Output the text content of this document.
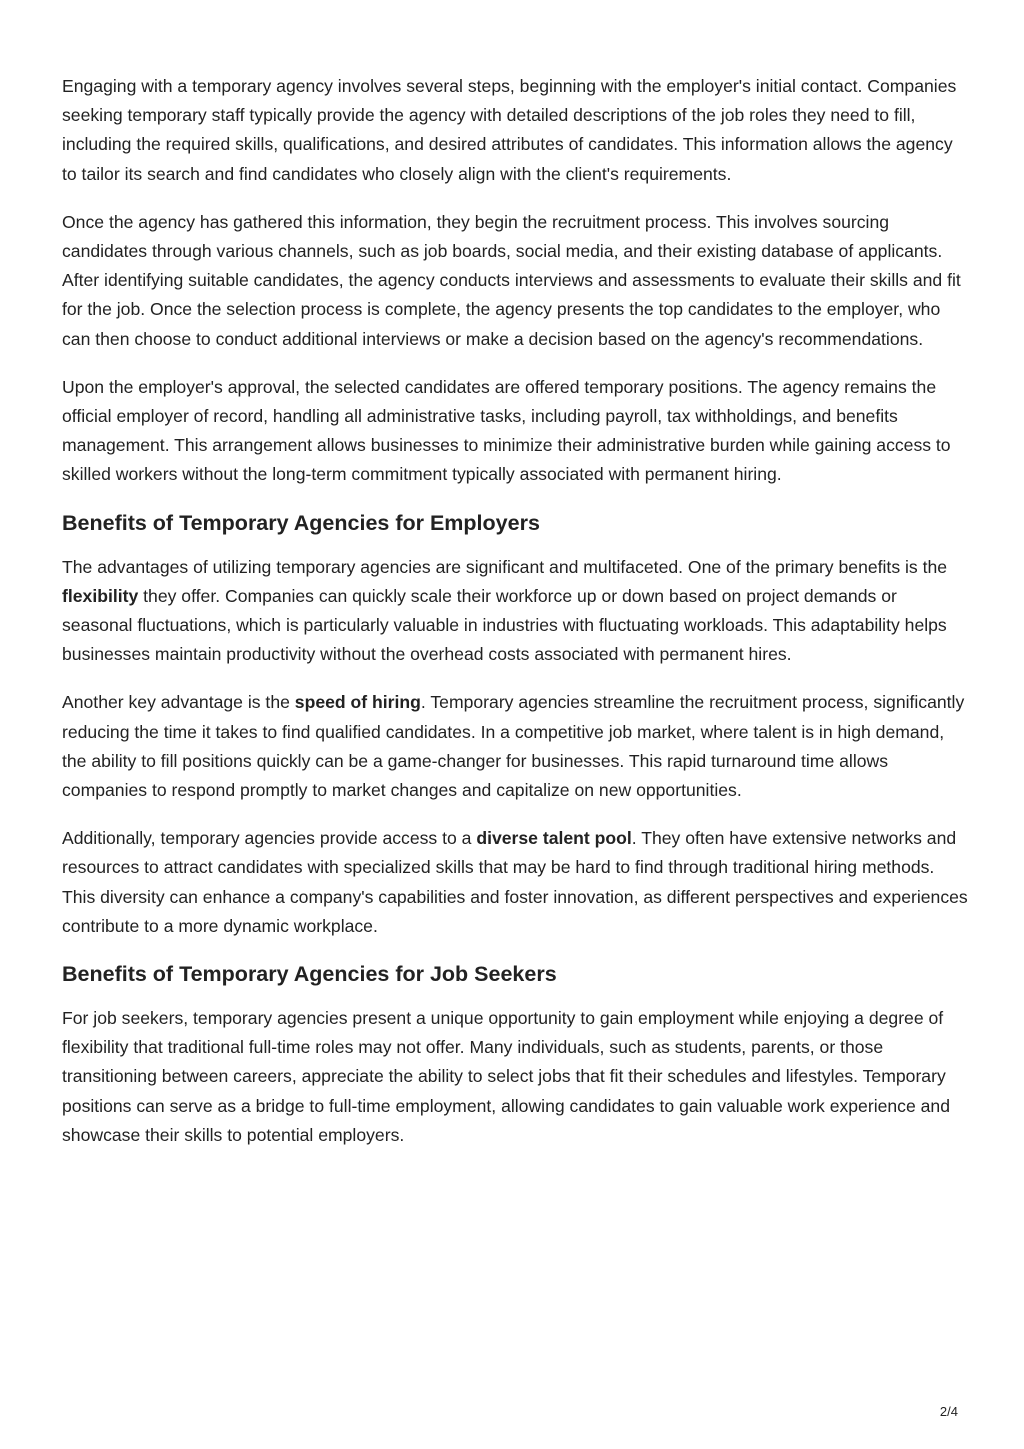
Engaging with a temporary agency involves several steps, beginning with the employer's initial contact. Companies seeking temporary staff typically provide the agency with detailed descriptions of the job roles they need to fill, including the required skills, qualifications, and desired attributes of candidates. This information allows the agency to tailor its search and find candidates who closely align with the client's requirements.

Once the agency has gathered this information, they begin the recruitment process. This involves sourcing candidates through various channels, such as job boards, social media, and their existing database of applicants. After identifying suitable candidates, the agency conducts interviews and assessments to evaluate their skills and fit for the job. Once the selection process is complete, the agency presents the top candidates to the employer, who can then choose to conduct additional interviews or make a decision based on the agency's recommendations.

Upon the employer's approval, the selected candidates are offered temporary positions. The agency remains the official employer of record, handling all administrative tasks, including payroll, tax withholdings, and benefits management. This arrangement allows businesses to minimize their administrative burden while gaining access to skilled workers without the long-term commitment typically associated with permanent hiring.

Benefits of Temporary Agencies for Employers

The advantages of utilizing temporary agencies are significant and multifaceted. One of the primary benefits is the flexibility they offer. Companies can quickly scale their workforce up or down based on project demands or seasonal fluctuations, which is particularly valuable in industries with fluctuating workloads. This adaptability helps businesses maintain productivity without the overhead costs associated with permanent hires.

Another key advantage is the speed of hiring. Temporary agencies streamline the recruitment process, significantly reducing the time it takes to find qualified candidates. In a competitive job market, where talent is in high demand, the ability to fill positions quickly can be a game-changer for businesses. This rapid turnaround time allows companies to respond promptly to market changes and capitalize on new opportunities.

Additionally, temporary agencies provide access to a diverse talent pool. They often have extensive networks and resources to attract candidates with specialized skills that may be hard to find through traditional hiring methods. This diversity can enhance a company's capabilities and foster innovation, as different perspectives and experiences contribute to a more dynamic workplace.

Benefits of Temporary Agencies for Job Seekers

For job seekers, temporary agencies present a unique opportunity to gain employment while enjoying a degree of flexibility that traditional full-time roles may not offer. Many individuals, such as students, parents, or those transitioning between careers, appreciate the ability to select jobs that fit their schedules and lifestyles. Temporary positions can serve as a bridge to full-time employment, allowing candidates to gain valuable work experience and showcase their skills to potential employers.

2/4
